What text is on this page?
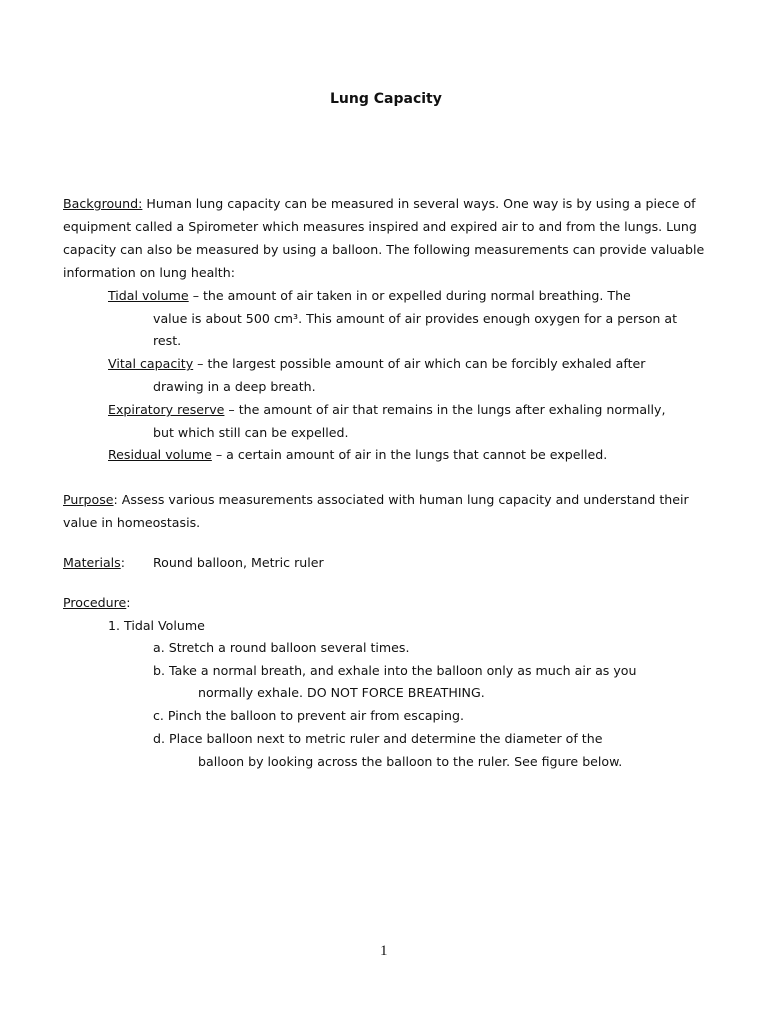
Lung Capacity
Background: Human lung capacity can be measured in several ways. One way is by using a piece of
equipment called a Spirometer which measures inspired and expired air to and from the lungs. Lung
capacity can also be measured by using a balloon. The following measurements can provide valuable
information on lung health:
Tidal volume – the amount of air taken in or expelled during normal breathing. The
value is about 500 cm³. This amount of air provides enough oxygen for a person at
rest.
Vital capacity – the largest possible amount of air which can be forcibly exhaled after
drawing in a deep breath.
Expiratory reserve – the amount of air that remains in the lungs after exhaling normally,
but which still can be expelled.
Residual volume – a certain amount of air in the lungs that cannot be expelled.
Purpose: Assess various measurements associated with human lung capacity and understand their
value in homeostasis.
Materials: Round balloon, Metric ruler
Procedure:
1. Tidal Volume
a. Stretch a round balloon several times.
b. Take a normal breath, and exhale into the balloon only as much air as you
normally exhale. DO NOT FORCE BREATHING.
c. Pinch the balloon to prevent air from escaping.
d. Place balloon next to metric ruler and determine the diameter of the
balloon by looking across the balloon to the ruler. See figure below.
1
